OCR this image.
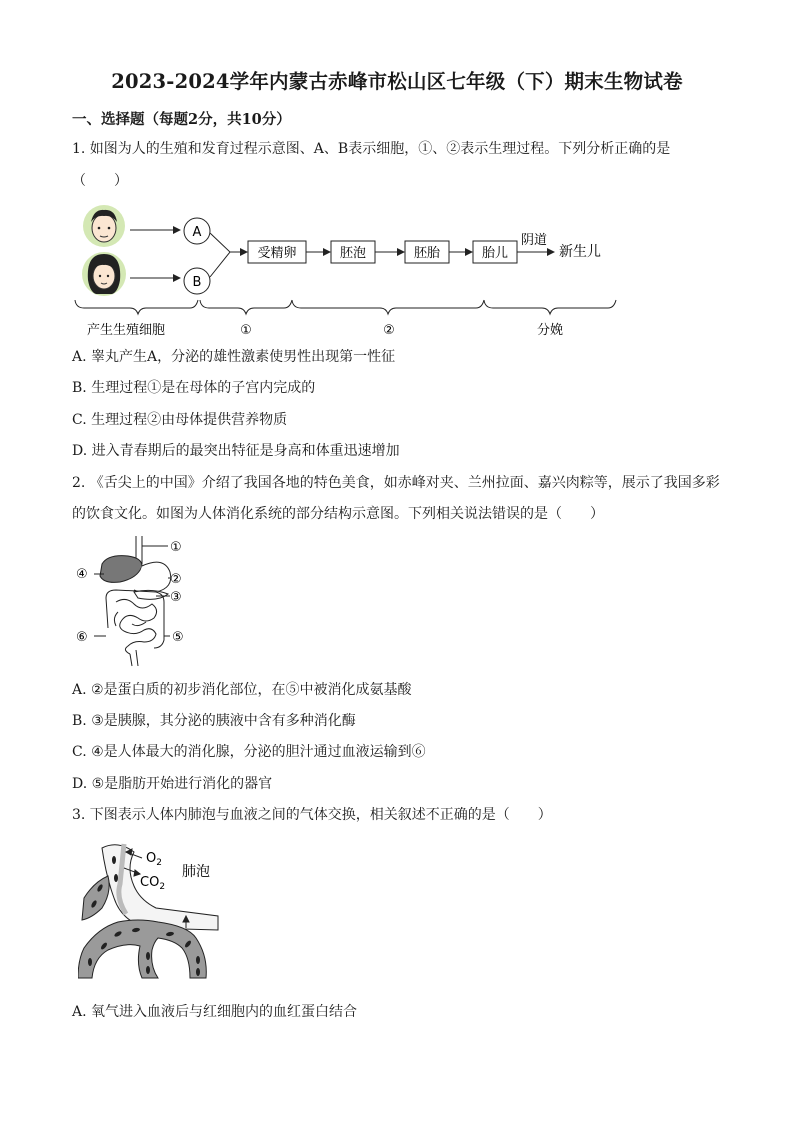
2023-2024学年内蒙古赤峰市松山区七年级（下）期末生物试卷
一、选择题（每题2分，共10分）
1. 如图为人的生殖和发育过程示意图、A、B表示细胞，①、②表示生理过程。下列分析正确的是
（　　）
A
B
受精卵	胚泡	胚胎	胎儿
阴道
新生儿
产生生殖细胞	①	②	分娩
A. 睾丸产生A，分泌的雄性激素使男性出现第一性征
B. 生理过程①是在母体的子宫内完成的
C. 生理过程②由母体提供营养物质
D. 进入青春期后的最突出特征是身高和体重迅速增加
2. 《舌尖上的中国》介绍了我国各地的特色美食，如赤峰对夹、兰州拉面、嘉兴肉粽等，展示了我国多彩
的饮食文化。如图为人体消化系统的部分结构示意图。下列相关说法错误的是（　　）
①
②
③
④
⑤
⑥
A. ②是蛋白质的初步消化部位，在⑤中被消化成氨基酸
B. ③是胰腺，其分泌的胰液中含有多种消化酶
C. ④是人体最大的消化腺，分泌的胆汁通过血液运输到⑥
D. ⑤是脂肪开始进行消化的器官
3. 下图表示人体内肺泡与血液之间的气体交换，相关叙述不正确的是（　　）
$O_2$
$CO_2$
肺泡
A. 氧气进入血液后与红细胞内的血红蛋白结合
